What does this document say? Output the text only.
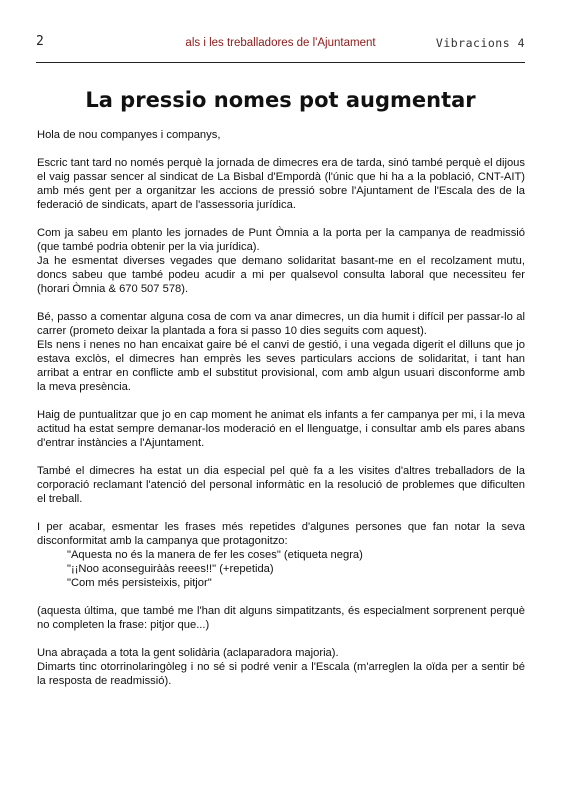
2	als i les treballadores de l'Ajuntament	Vibracions 4
La pressio nomes pot augmentar

Hola de nou companyes i companys,

Escric tant tard no només perquè la jornada de dimecres era de tarda, sinó també perquè el dijous el vaig passar sencer al sindicat de La Bisbal d'Empordà (l'únic que hi ha a la població, CNT-AIT) amb més gent per a organitzar les accions de pressió sobre l'Ajuntament de l'Escala des de la federació de sindicats, apart de l'assessoria jurídica.

Com ja sabeu em planto les jornades de Punt Òmnia a la porta per la campanya de readmissió (que també podria obtenir per la via jurídica).

Ja he esmentat diverses vegades que demano solidaritat basant-me en el recolzament mutu, doncs sabeu que també podeu acudir a mi per qualsevol consulta laboral que necessiteu fer (horari Òmnia & 670 507 578).

Bé, passo a comentar alguna cosa de com va anar dimecres, un dia humit i difícil per passar-lo al carrer (prometo deixar la plantada a fora si passo 10 dies seguits com aquest).

Els nens i nenes no han encaixat gaire bé el canvi de gestió, i una vegada digerit el dilluns que jo estava exclòs, el dimecres han emprès les seves particulars accions de solidaritat, i tant han arribat a entrar en conflicte amb el substitut provisional, com amb algun usuari disconforme amb la meva presència.

Haig de puntualitzar que jo en cap moment he animat els infants a fer campanya per mi, i la meva actitud ha estat sempre demanar-los moderació en el llenguatge, i consultar amb els pares abans d'entrar instàncies a l'Ajuntament.

També el dimecres ha estat un dia especial pel què fa a les visites d'altres treballadors de la corporació reclamant l'atenció del personal informàtic en la resolució de problemes que dificulten el treball.

I per acabar, esmentar les frases més repetides d'algunes persones que fan notar la seva disconformitat amb la campanya que protagonitzo:

"Aquesta no és la manera de fer les coses" (etiqueta negra)

"¡¡Noo aconseguirààs reees!!" (+repetida)

"Com més persisteixis, pitjor"

(aquesta última, que també me l'han dit alguns simpatitzants, és especialment sorprenent perquè no completen la frase: pitjor que...)

Una abraçada a tota la gent solidària (aclaparadora majoria).

Dimarts tinc otorrinolaringòleg i no sé si podré venir a l'Escala (m'arreglen la oïda per a sentir bé la resposta de readmissió).
